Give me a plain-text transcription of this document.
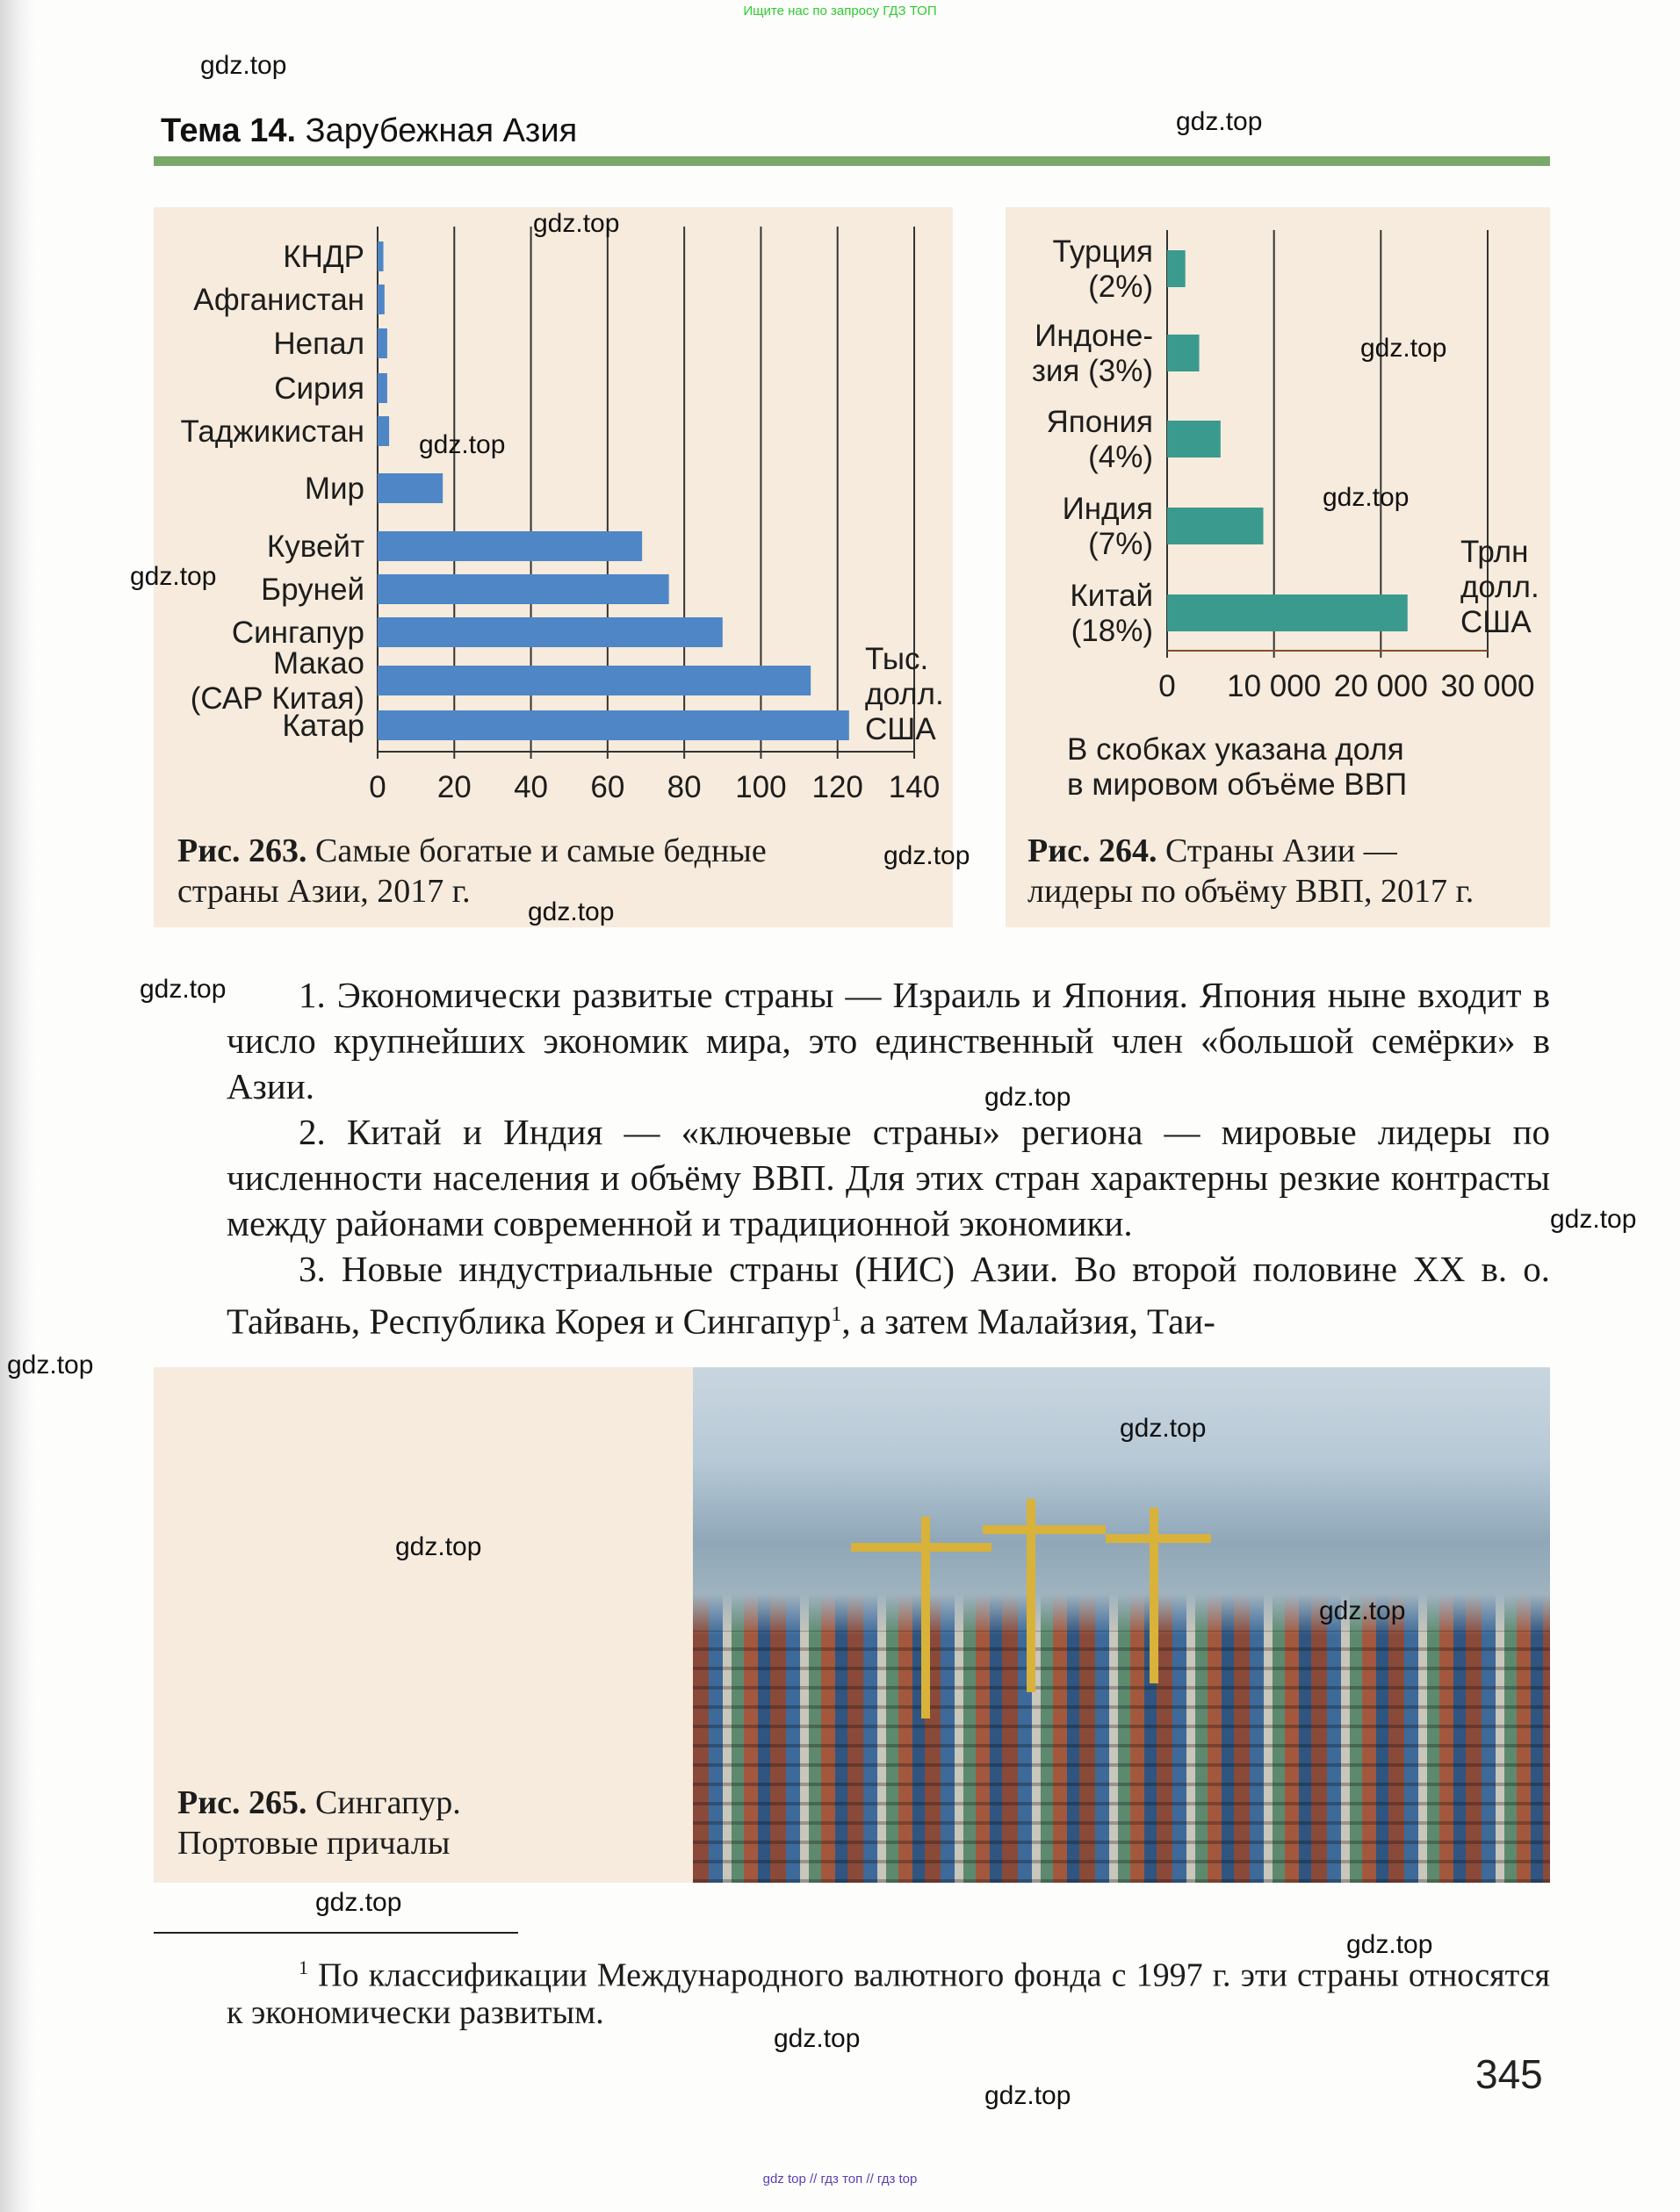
Ищите нас по запросу ГДЗ ТОП
Тема 14. Зарубежная Азия
0 20 40 60 80 100 120 140
КНДР
Афганистан
Непал
Сирия
Таджикистан
Мир
Кувейт
Бруней
Сингапур
Макао
(САР Китая)
Катар
Тыс.
долл.
США
0 10 000 20 000 30 000
Турция
(2%)
Индоне-
зия (3%)
Япония
(4%)
Индия
(7%)
Китай
(18%)
Трлн
долл.
США
В скобках указана доля
в мировом объёме ВВП
Рис. 263. Самые богатые и самые бедные
страны Азии, 2017 г.
Рис. 264. Страны Азии —
лидеры по объёму ВВП, 2017 г.

1. Экономически развитые страны — Израиль и Япония. Япония ныне входит в число крупнейших экономик мира, это единственный член «большой семёрки» в Азии.

2. Китай и Индия — «ключевые страны» региона — мировые лидеры по численности населения и объёму ВВП. Для этих стран характерны резкие контрасты между районами современной и традиционной экономики.

3. Новые индустриальные страны (НИС) Азии. Во второй половине XX в. о. Тайвань, Республика Корея и Сингапур$^1$, а затем Малайзия, Таи-

Рис. 265. Сингапур.
Портовые причалы
$^1$ По классификации Международного валютного фонда с 1997 г. эти страны относятся к экономически развитым.
345
gdz top // гдз топ // гдз top
gdz.top
gdz.top
gdz.top
gdz.top
gdz.top
gdz.top
gdz.top
gdz.top
gdz.top
gdz.top
gdz.top
gdz.top
gdz.top
gdz.top
gdz.top
gdz.top
gdz.top
gdz.top
gdz.top
gdz.top
